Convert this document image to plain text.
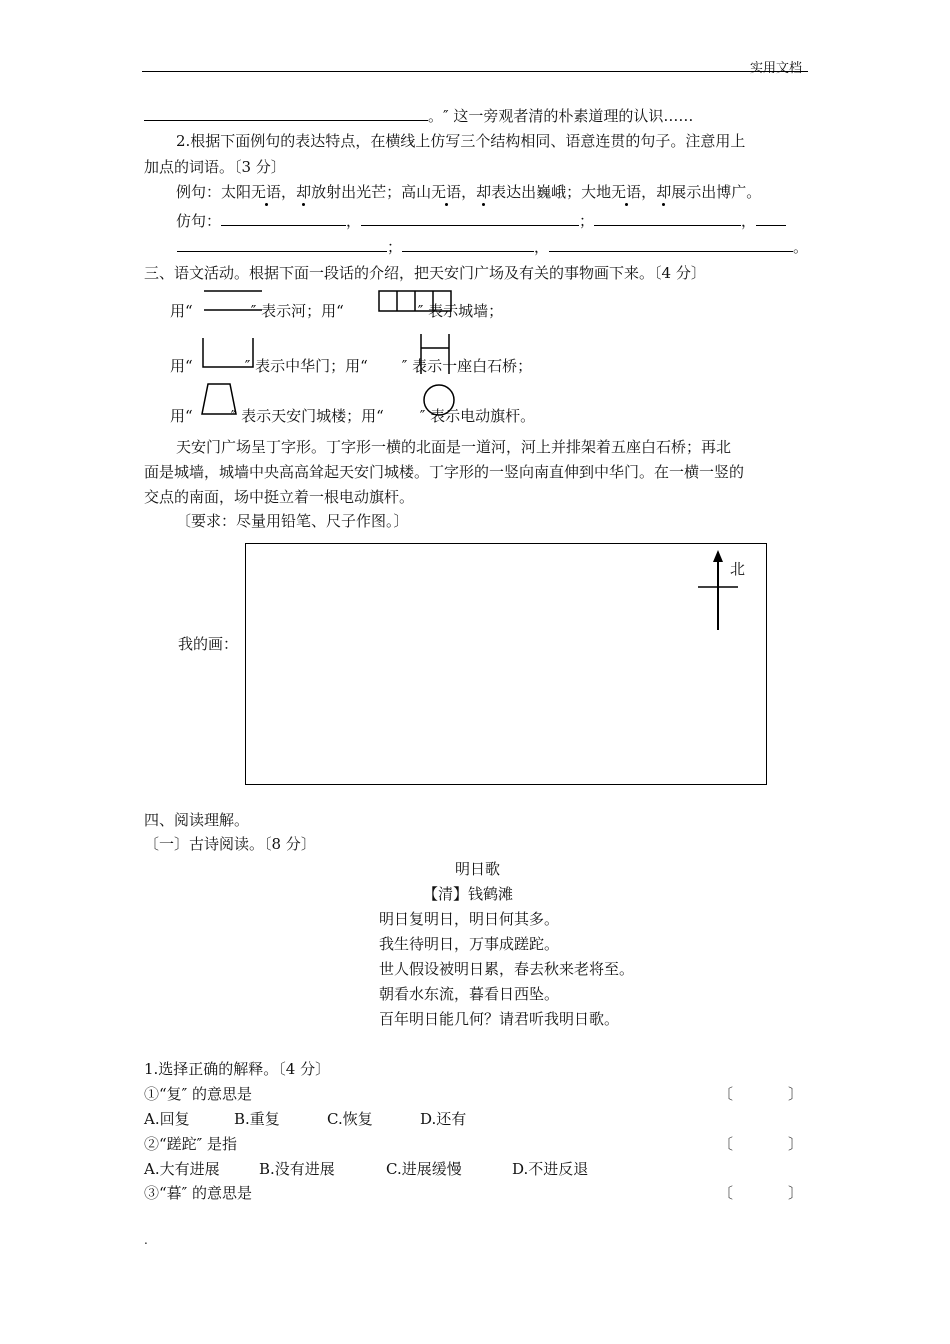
实用文档
。″ 这一旁观者清的朴素道理的认识……
2.根据下面例句的表达特点，在横线上仿写三个结构相同、语意连贯的句子。注意用上
加点的词语。〔3 分〕
例句：太阳无语，却放射出光芒；高山无语，却表达出巍峨；大地无语，却展示出博广。
仿句：	，	；	，
；	，	。
三、语文活动。根据下面一段话的介绍，把天安门广场及有关的事物画下来。〔4 分〕
用“	″ 表示河；用“	″ 表示城墙；
用“	″ 表示中华门；用“ ″ 表示一座白石桥；
用“	″ 表示天安门城楼；用“ ″ 表示电动旗杆。
天安门广场呈丁字形。丁字形一横的北面是一道河，河上并排架着五座白石桥；再北
面是城墙，城墙中央高高耸起天安门城楼。丁字形的一竖向南直伸到中华门。在一横一竖的
交点的南面，场中挺立着一根电动旗杆。
〔要求：尽量用铅笔、尺子作图。〕
我的画：
北
四、阅读理解。
〔一〕古诗阅读。〔8 分〕
明日歌
【清】钱鹤滩
明日复明日，明日何其多。
我生待明日，万事成蹉跎。
世人假设被明日累，春去秋来老将至。
朝看水东流，暮看日西坠。
百年明日能几何？请君听我明日歌。
1.选择正确的解释。〔4 分〕
①“复″ 的意思是	〔	〕
A.回复	B.重复	C.恢复	D.还有
②“蹉跎″ 是指	〔	〕
A.大有进展	B.没有进展	C.进展缓慢	D.不进反退
③“暮″ 的意思是	〔	〕
.
